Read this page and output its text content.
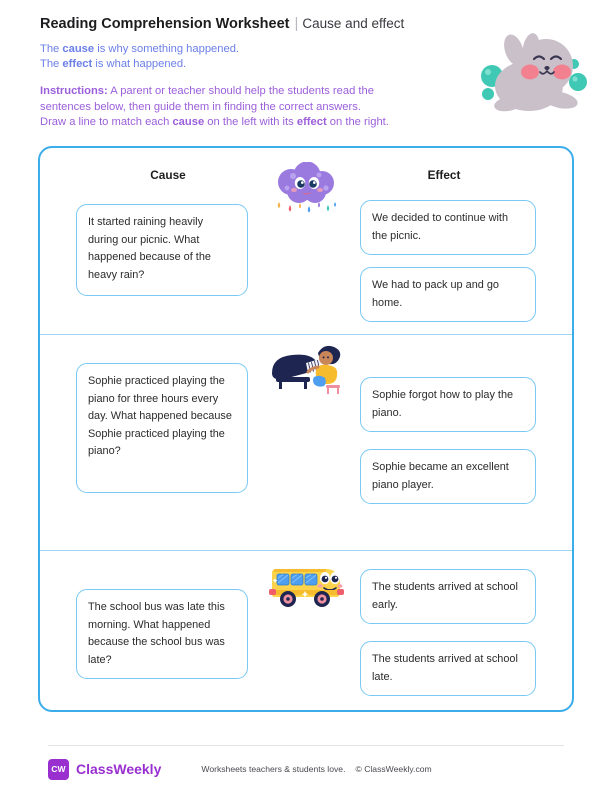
Reading Comprehension Worksheet | Cause and effect
The cause is why something happened.
The effect is what happened.
Instructions: A parent or teacher should help the students read the
sentences below, then guide them in finding the correct answers.
Draw a line to match each cause on the left with its effect on the right.
Cause	Effect
It started raining heavily during our picnic. What happened because of the heavy rain?
We decided to continue with the picnic.
We had to pack up and go home.
Sophie practiced playing the piano for three hours every day. What happened because Sophie practiced playing the piano?
Sophie forgot how to play the piano.
Sophie became an excellent piano player.
The school bus was late this morning. What happened because the school bus was late?
The students arrived at school early.
The students arrived at school late.
CW ClassWeekly	Worksheets teachers & students love. © ClassWeekly.com
